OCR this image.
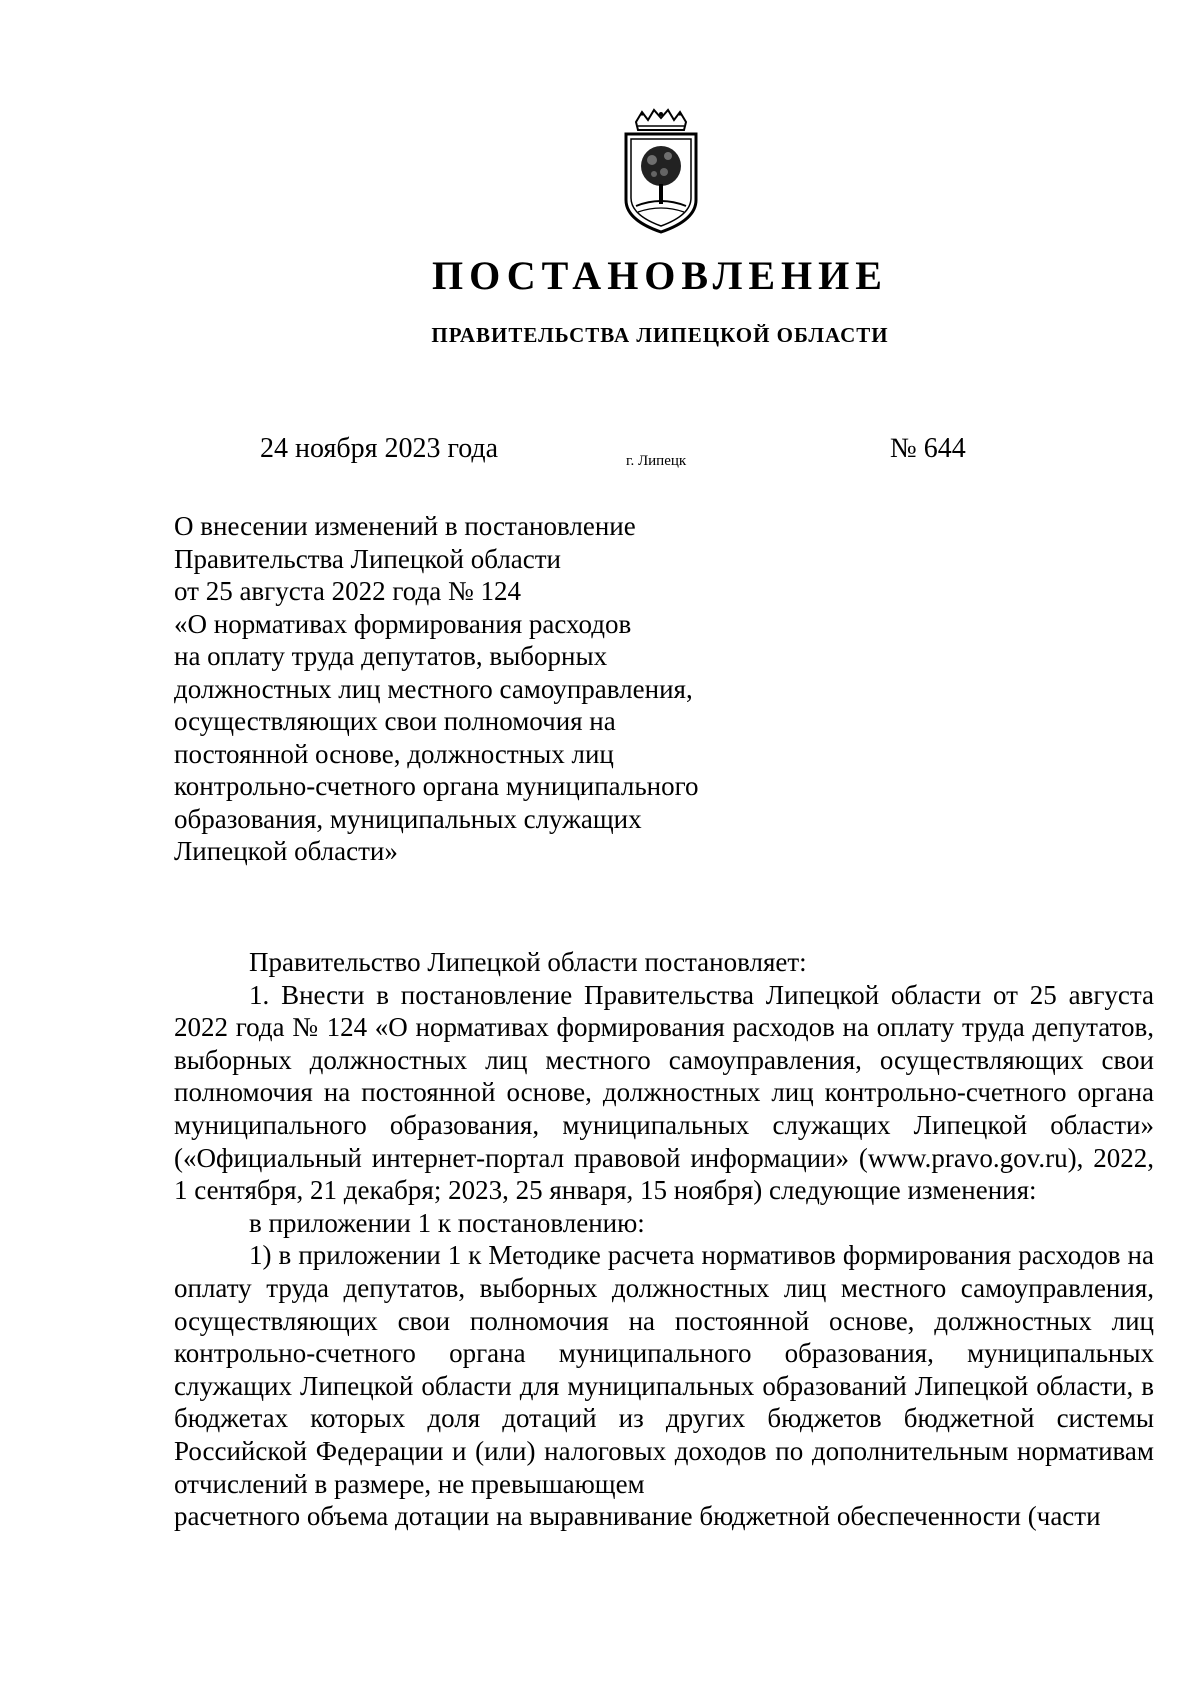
ПОСТАНОВЛЕНИЕ
ПРАВИТЕЛЬСТВА ЛИПЕЦКОЙ ОБЛАСТИ
24 ноября 2023 года	г. Липецк	№ 644
О внесении изменений в постановление
Правительства Липецкой области
от 25 августа 2022 года № 124
«О нормативах формирования расходов
на оплату труда депутатов, выборных
должностных лиц местного самоуправления,
осуществляющих свои полномочия на
постоянной основе, должностных лиц
контрольно-счетного органа муниципального
образования, муниципальных служащих
Липецкой области»

Правительство Липецкой области постановляет:

1. Внести в постановление Правительства Липецкой области от 25 августа 2022 года № 124 «О нормативах формирования расходов на оплату труда депутатов, выборных должностных лиц местного самоуправления, осуществляющих свои полномочия на постоянной основе, должностных лиц контрольно-счетного органа муниципального образования, муниципальных служащих Липецкой области» («Официальный интернет-портал правовой информации» (www.pravo.gov.ru), 2022, 1 сентября, 21 декабря; 2023, 25 января, 15 ноября) следующие изменения:

в приложении 1 к постановлению:

1) в приложении 1 к Методике расчета нормативов формирования расходов на оплату труда депутатов, выборных должностных лиц местного самоуправления, осуществляющих свои полномочия на постоянной основе, должностных лиц контрольно-счетного органа муниципального образования, муниципальных служащих Липецкой области для муниципальных образований Липецкой области, в бюджетах которых доля дотаций из других бюджетов бюджетной системы Российской Федерации и (или) налоговых доходов по дополнительным нормативам отчислений в размере, не превышающем

расчетного объема дотации на выравнивание бюджетной обеспеченности (части
